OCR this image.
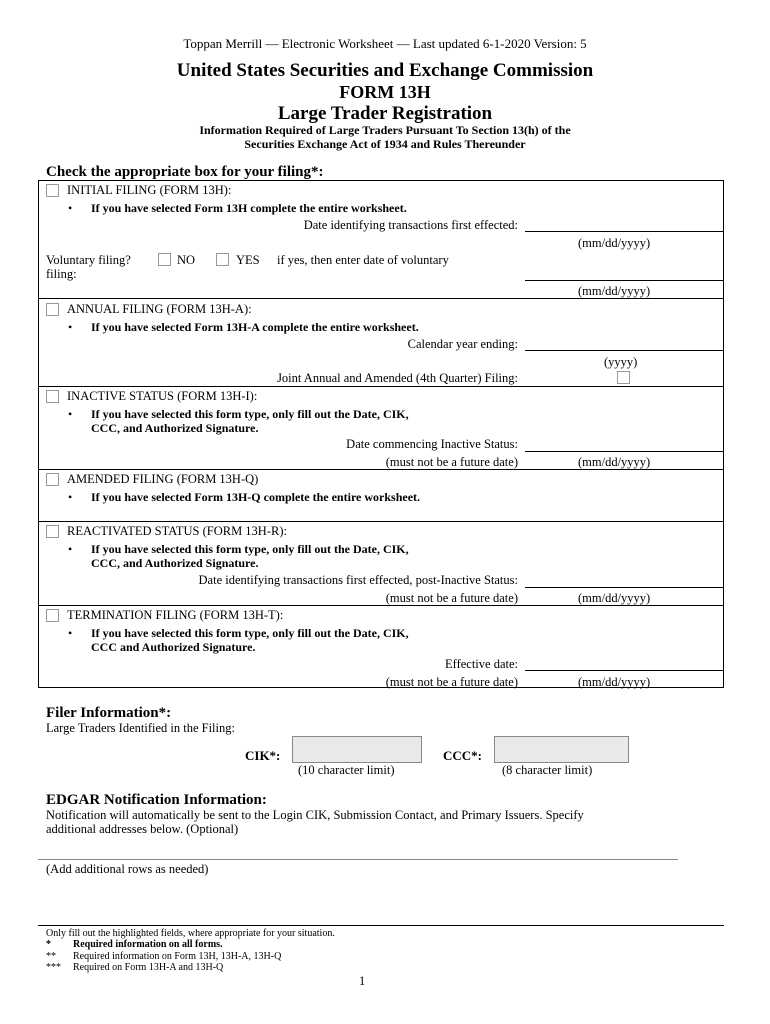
Toppan Merrill — Electronic Worksheet — Last updated 6-1-2020 Version: 5
United States Securities and Exchange Commission
FORM 13H
Large Trader Registration
Information Required of Large Traders Pursuant To Section 13(h) of the
Securities Exchange Act of 1934 and Rules Thereunder
Check the appropriate box for your filing*:
INITIAL FILING (FORM 13H):
• If you have selected Form 13H complete the entire worksheet.
Date identifying transactions first effected:
(mm/dd/yyyy)
Voluntary filing?	NO	YES if yes, then enter date of voluntary
filing:
(mm/dd/yyyy)
ANNUAL FILING (FORM 13H-A):
• If you have selected Form 13H-A complete the entire worksheet.
Calendar year ending:
(yyyy)
Joint Annual and Amended (4th Quarter) Filing:
INACTIVE STATUS (FORM 13H-I):
• If you have selected this form type, only fill out the Date, CIK,
CCC, and Authorized Signature.
Date commencing Inactive Status:
(must not be a future date)	(mm/dd/yyyy)
AMENDED FILING (FORM 13H-Q)
• If you have selected Form 13H-Q complete the entire worksheet.
REACTIVATED STATUS (FORM 13H-R):
• If you have selected this form type, only fill out the Date, CIK,
CCC, and Authorized Signature.
Date identifying transactions first effected, post-Inactive Status:
(must not be a future date)	(mm/dd/yyyy)
TERMINATION FILING (FORM 13H-T):
• If you have selected this form type, only fill out the Date, CIK,
CCC and Authorized Signature.
Effective date:
(must not be a future date)	(mm/dd/yyyy)
Filer Information*:
Large Traders Identified in the Filing:
CIK*:
(10 character limit)
CCC*:
(8 character limit)
EDGAR Notification Information:
Notification will automatically be sent to the Login CIK, Submission Contact, and Primary Issuers. Specify
additional addresses below. (Optional)
(Add additional rows as needed)
Only fill out the highlighted fields, where appropriate for your situation.
* Required information on all forms.
** Required information on Form 13H, 13H-A, 13H-Q
*** Required on Form 13H-A and 13H-Q
1
